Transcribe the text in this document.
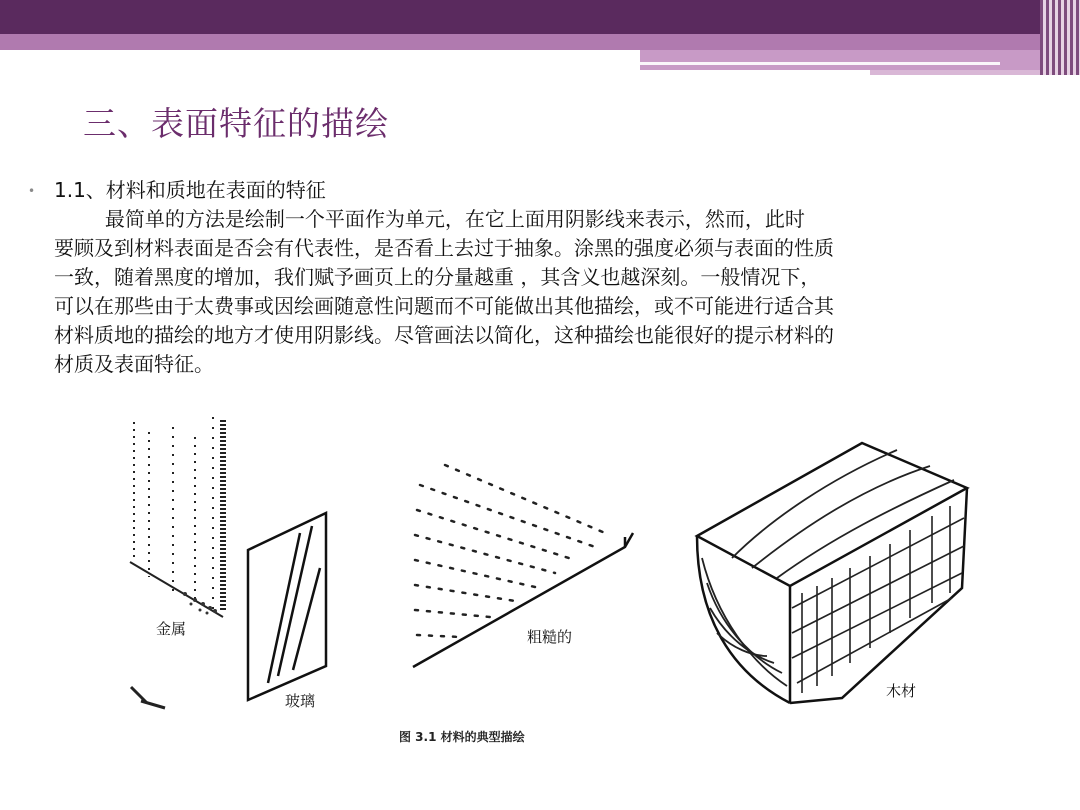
三、表面特征的描绘
• 1.1、材料和质地在表面的特征
最简单的方法是绘制一个平面作为单元，在它上面用阴影线来表示，然而，此时
要顾及到材料表面是否会有代表性，是否看上去过于抽象。涂黑的强度必须与表面的性质
一致，随着黑度的增加，我们赋予画页上的分量越重 ，其含义也越深刻。一般情况下，
可以在那些由于太费事或因绘画随意性问题而不可能做出其他描绘，或不可能进行适合其
材料质地的描绘的地方才使用阴影线。尽管画法以简化，这种描绘也能很好的提示材料的
材质及表面特征。
金属
玻璃
粗糙的
木材
图 3.1 材料的典型描绘
